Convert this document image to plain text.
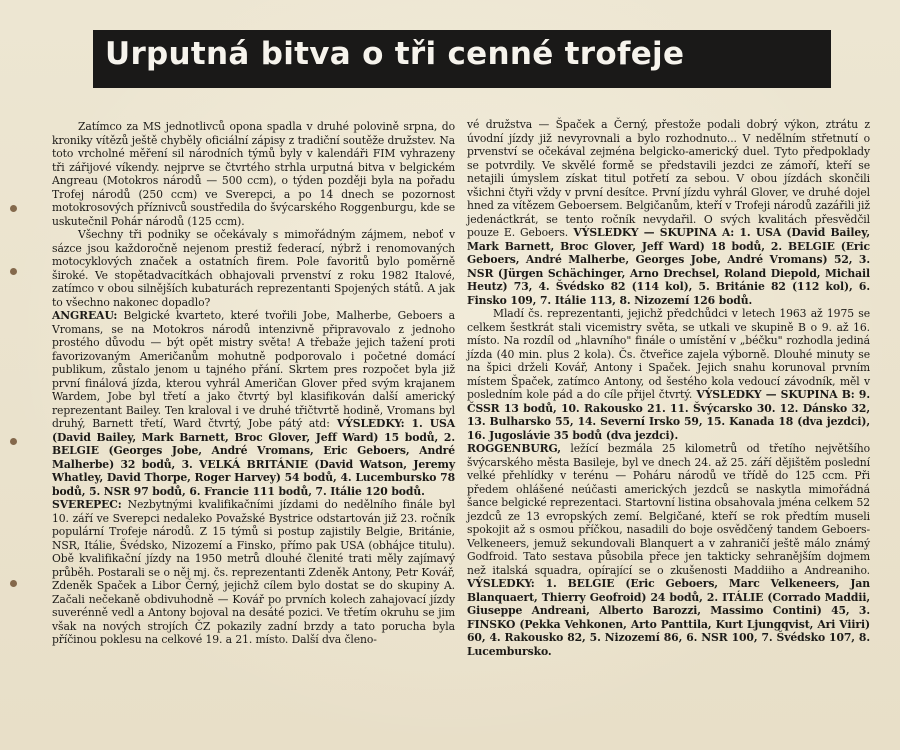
Urputná bitva o tři cenné trofeje

Zatímco za MS jednotlivců opona spadla v druhé polovině srpna, do kroniky vítězů ještě chyběly oficiální zápisy z tradiční soutěže družstev. Na toto vrcholné měření sil národních týmů byly v kalendáři FIM vyhrazeny tři zářijové víkendy. nejprve se čtvrtého strhla urputná bitva v belgickém Angreau (Motokros národů — 500 ccm), o týden později byla na pořadu Trofej národů (250 ccm) ve Sverepci, a po 14 dnech se pozornost motokrosových příznivců soustředila do švýcarského Roggenburgu, kde se uskutečnil Pohár národů (125 ccm).

Všechny tři podniky se očekávaly s mimořádným zájmem, neboť v sázce jsou každoročně nejenom prestiž federací, nýbrž i renomovaných motocyklových značek a ostatních firem. Pole favoritů bylo poměrně široké. Ve stopětadvacítkách obhajovali prvenství z roku 1982 Italové, zatímco v obou silnějších kubaturách reprezentanti Spojených států. A jak to všechno nakonec dopadlo?

ANGREAU: Belgické kvarteto, které tvořili Jobe, Malherbe, Geboers a Vromans, se na Motokros národů intenzivně připravovalo z jednoho prostého důvodu — být opět mistry světa! A třebaže jejich tažení proti favorizovaným Američanům mohutně podporovalo i početné domácí publikum, zůstalo jenom u tajného přání. Skrtem pres rozpočet byla již první finálová jízda, kterou vyhrál Američan Glover před svým krajanem Wardem, Jobe byl třetí a jako čtvrtý byl klasifikován další americký reprezentant Bailey. Ten kraloval i ve druhé třičtvrtě hodině, Vromans byl druhý, Barnett třetí, Ward čtvrtý, Jobe pátý atd: VÝSLEDKY: 1. USA (David Bailey, Mark Barnett, Broc Glover, Jeff Ward) 15 bodů, 2. BELGIE (Georges Jobe, André Vromans, Eric Geboers, André Malherbe) 32 bodů, 3. VELKÁ BRITÁNIE (David Watson, Jeremy Whatley, David Thorpe, Roger Harvey) 54 bodů, 4. Lucembursko 78 bodů, 5. NSR 97 bodů, 6. Francie 111 bodů, 7. Itálie 120 bodů.

SVEREPEC: Nezbytnými kvalifikačními jízdami do nedělního finále byl 10. září ve Sverepci nedaleko Považské Bystrice odstartován již 23. ročník populární Trofeje národů. Z 15 týmů si postup zajistily Belgie, Británie, NSR, Itálie, Švédsko, Nizozemí a Finsko, přímo pak USA (obhájce titulu). Obě kvalifikační jízdy na 1950 metrů dlouhé členité trati měly zajímavý průběh. Postarali se o něj mj. čs. reprezentanti Zdeněk Antony, Petr Kovář, Zdeněk Spaček a Libor Černý, jejichž cílem bylo dostat se do skupiny A. Začali nečekaně obdivuhodně — Kovář po prvních kolech zahajovací jízdy suverénně vedl a Antony bojoval na desáté pozici. Ve třetím okruhu se jim však na nových strojích ČZ pokazily zadní brzdy a tato porucha byla příčinou poklesu na celkové 19. a 21. místo. Další dva členo-

vé družstva — Špaček a Černý, přestože podali dobrý výkon, ztrátu z úvodní jízdy již nevyrovnali a bylo rozhodnuto... V nedělním střetnutí o prvenství se očekával zejména belgicko-americký duel. Tyto předpoklady se potvrdily. Ve skvělé formě se představili jezdci ze zámoří, kteří se netajili úmyslem získat titul potřetí za sebou. V obou jízdách skončili všichni čtyři vždy v první desítce. První jízdu vyhrál Glover, ve druhé dojel hned za vítězem Geboersem. Belgičanům, kteří v Trofeji národů zazářili již jedenáctkrát, se tento ročník nevydařil. O svých kvalitách přesvědčil pouze E. Geboers. VÝSLEDKY — SKUPINA A: 1. USA (David Bailey, Mark Barnett, Broc Glover, Jeff Ward) 18 bodů, 2. BELGIE (Eric Geboers, André Malherbe, Georges Jobe, André Vromans) 52, 3. NSR (Jürgen Schächinger, Arno Drechsel, Roland Diepold, Michail Heutz) 73, 4. Švédsko 82 (114 kol), 5. Británie 82 (112 kol), 6. Finsko 109, 7. Itálie 113, 8. Nizozemí 126 bodů.

Mladí čs. reprezentanti, jejichž předchůdci v letech 1963 až 1975 se celkem šestkrát stali vicemistry světa, se utkali ve skupině B o 9. až 16. místo. Na rozdíl od „hlavního" finále o umístění v „béčku" rozhodla jediná jízda (40 min. plus 2 kola). Čs. čtveřice zajela výborně. Dlouhé minuty se na špici drželi Kovář, Antony i Spaček. Jejich snahu korunoval prvním místem Špaček, zatímco Antony, od šestého kola vedoucí závodník, měl v posledním kole pád a do cíle přijel čtvrtý. VÝSLEDKY — SKUPINA B: 9. ČSSR 13 bodů, 10. Rakousko 21. 11. Švýcarsko 30. 12. Dánsko 32, 13. Bulharsko 55, 14. Severní Irsko 59, 15. Kanada 18 (dva jezdci), 16. Jugoslávie 35 bodů (dva jezdci).

ROGGENBURG, ležící bezmála 25 kilometrů od třetího největšího švýcarského města Basileje, byl ve dnech 24. až 25. září dějištěm poslední velké přehlídky v terénu — Poháru národů ve třídě do 125 ccm. Při předem ohlášené neúčasti amerických jezdců se naskytla mimořádná šance belgické reprezentaci. Startovní listina obsahovala jména celkem 52 jezdců ze 13 evropských zemí. Belgičané, kteří se rok předtím museli spokojit až s osmou příčkou, nasadili do boje osvědčený tandem Geboers-Velkeneers, jemuž sekundovali Blanquert a v zahraničí ještě málo známý Godfroid. Tato sestava působila přece jen takticky sehranějším dojmem než italská squadra, opírající se o zkušenosti Maddiiho a Andreaniho. VÝSLEDKY: 1. BELGIE (Eric Geboers, Marc Velkeneers, Jan Blanquaert, Thierry Geofroid) 24 bodů, 2. ITÁLIE (Corrado Maddii, Giuseppe Andreani, Alberto Barozzi, Massimo Contini) 45, 3. FINSKO (Pekka Vehkonen, Arto Panttila, Kurt Ljungqvist, Ari Viiri) 60, 4. Rakousko 82, 5. Nizozemí 86, 6. NSR 100, 7. Švédsko 107, 8. Lucembursko.
